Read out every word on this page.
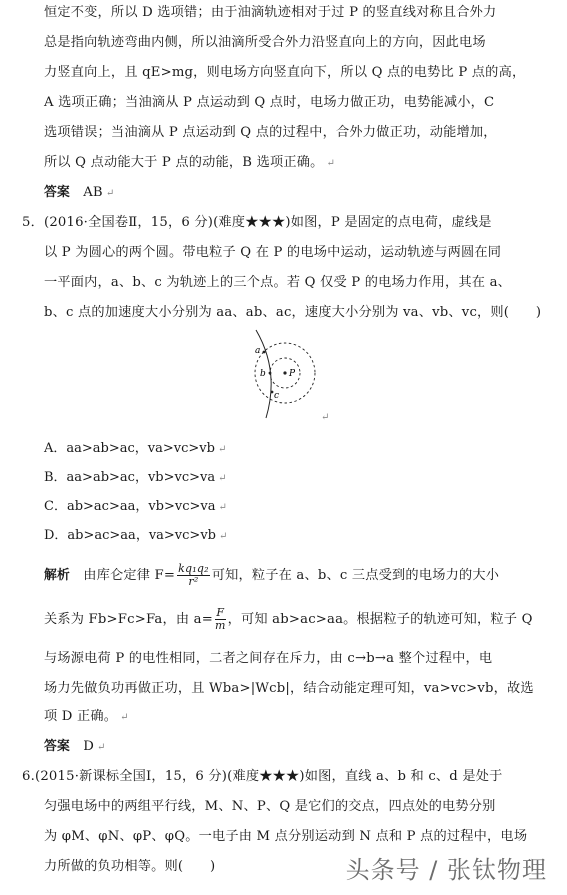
恒定不变，所以 D 选项错；由于油滴轨迹相对于过 P 的竖直线对称且合外力
总是指向轨迹弯曲内侧，所以油滴所受合外力沿竖直向上的方向，因此电场
力竖直向上，且 qE>mg，则电场方向竖直向下，所以 Q 点的电势比 P 点的高，
A 选项正确；当油滴从 P 点运动到 Q 点时，电场力做正功，电势能减小，C
选项错误；当油滴从 P 点运动到 Q 点的过程中，合外力做正功，动能增加，
所以 Q 点动能大于 P 点的动能，B 选项正确。 ↵
答案 AB ↵
5．(2016·全国卷Ⅱ，15，6 分)(难度★★★)如图，P 是固定的点电荷，虚线是
以 P 为圆心的两个圆。带电粒子 Q 在 P 的电场中运动，运动轨迹与两圆在同
一平面内，a、b、c 为轨迹上的三个点。若 Q 仅受 P 的电场力作用，其在 a、
b、c 点的加速度大小分别为 aa、ab、ac，速度大小分别为 va、vb、vc，则(　　)
a
b
c
P
↵
A．aa>ab>ac，va>vc>vb ↵
B．aa>ab>ac，vb>vc>va ↵
C．ab>ac>aa，vb>vc>va ↵
D．ab>ac>aa，va>vc>vb ↵
解析 由库仑定律 $F= \frac{\text{kq₁q₂}}{\text{r²}}$ 可知，粒子在 a、b、c 三点受到的电场力的大小
关系为 Fb>Fc>Fa，由 $a= \frac{F}{m}$ ，可知 ab>ac>aa。根据粒子的轨迹可知，粒子 Q
与场源电荷 P 的电性相同，二者之间存在斥力，由 c→b→a 整个过程中，电
场力先做负功再做正功，且 Wba>|Wcb|，结合动能定理可知，va>vc>vb，故选
项 D 正确。 ↵
答案 D ↵
6.(2015·新课标全国Ⅰ，15，6 分)(难度★★★)如图，直线 a、b 和 c、d 是处于
匀强电场中的两组平行线，M、N、P、Q 是它们的交点，四点处的电势分别
为 φM、φN、φP、φQ。一电子由 M 点分别运动到 N 点和 P 点的过程中，电场
力所做的负功相等。则(　　)	头条号 / 张钛物理
